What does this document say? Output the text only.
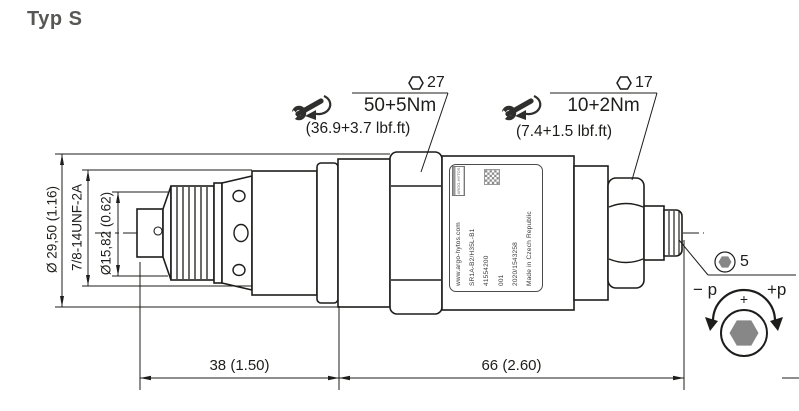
www.argo-hytos.com	SR1A-B2/H35L-B1	41554200	001	2020/1543258	Made in Czech Republic
ARGO-HYTOS
Typ S
50+5Nm
(36.9+3.7 lbf.ft)
27
10+2Nm
(7.4+1.5 lbf.ft)
17
Ø 29,50 (1.16) 7/8-14UNF-2A Ø15,82 (0.62)
38 (1.50)	66 (2.60)
5
− p	+p
+
